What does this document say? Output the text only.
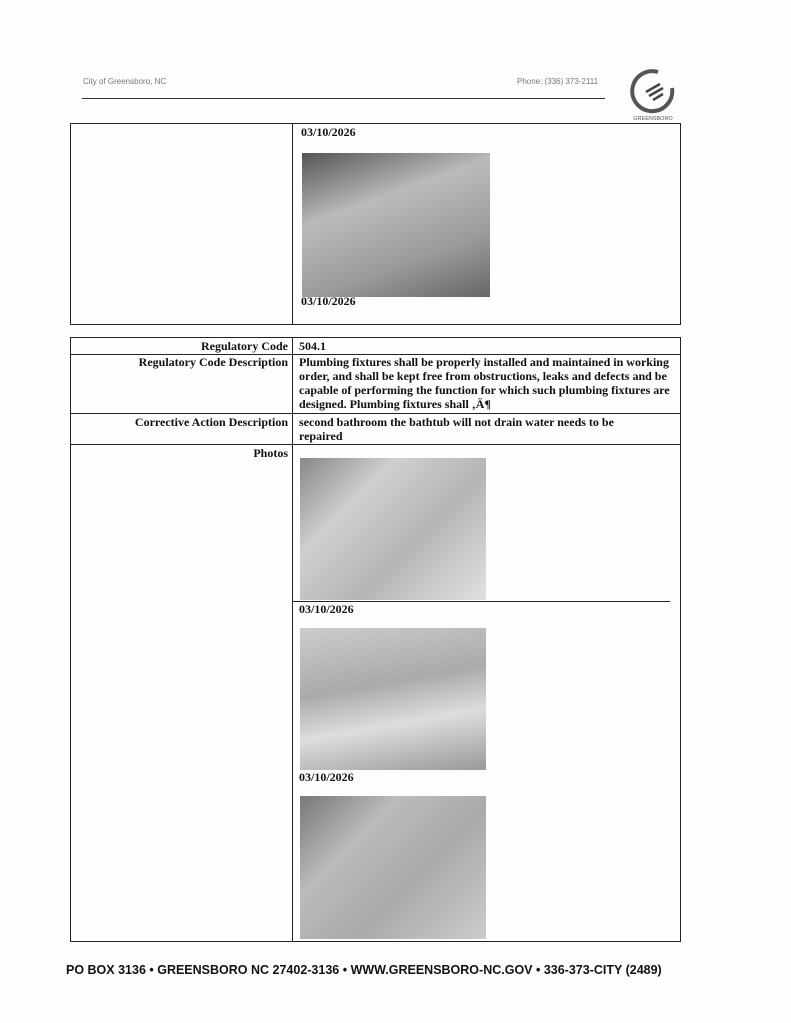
City of Greensboro, NC	Phone: (336) 373-2111
GREENSBORO
03/10/2026
03/10/2026
Regulatory Code 504.1
Regulatory Code Description Plumbing fixtures shall be properly installed and maintained in working order, and shall be kept free from obstructions, leaks and defects and be capable of performing the function for which such plumbing fixtures are designed. Plumbing fixtures shall ‚Ä¶
Corrective Action Description second bathroom the bathtub will not drain water needs to be repaired
Photos
03/10/2026
03/10/2026
PO BOX 3136 • GREENSBORO NC 27402-3136 • WWW.GREENSBORO-NC.GOV • 336-373-CITY (2489)
